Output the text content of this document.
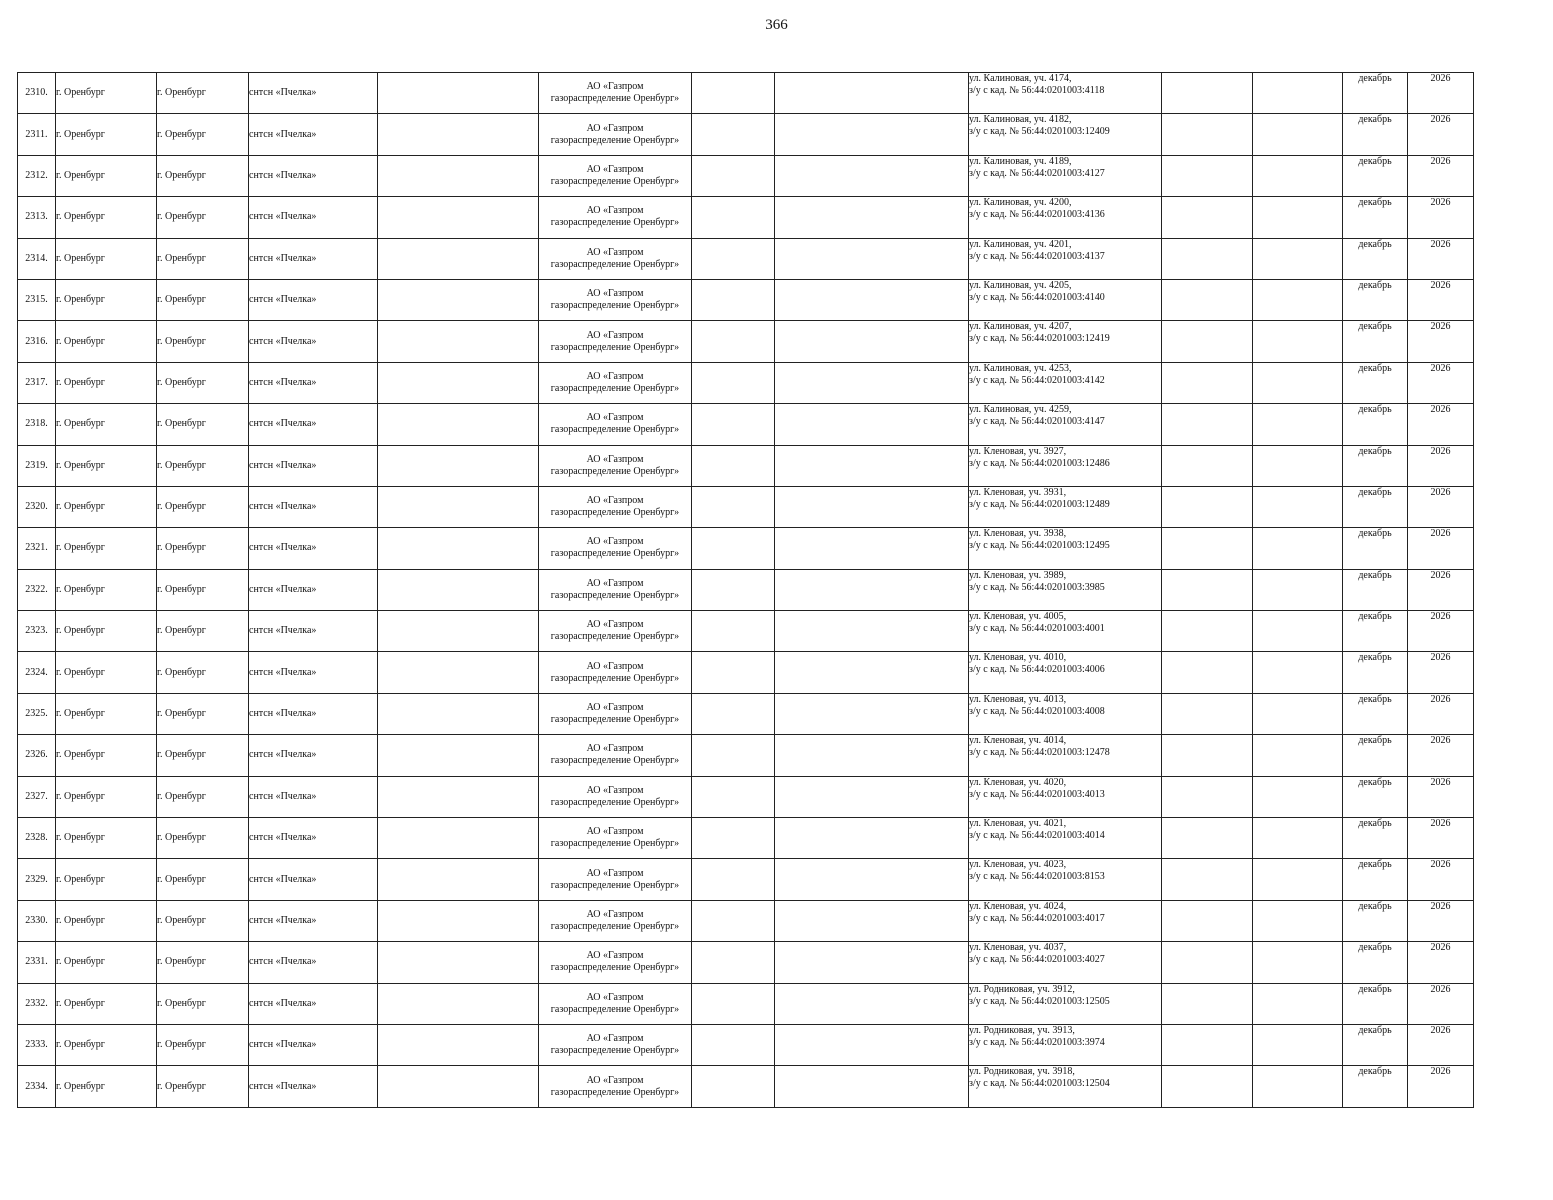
366
2310.	г. Оренбург	г. Оренбург	снтсн «Пчелка»		АО «Газпром
газораспределение Оренбург»			ул. Калиновая, уч. 4174,
з/у с кад. № 56:44:0201003:4118			декабрь	2026
2311.	г. Оренбург	г. Оренбург	снтсн «Пчелка»		АО «Газпром
газораспределение Оренбург»			ул. Калиновая, уч. 4182,
з/у с кад. № 56:44:0201003:12409			декабрь	2026
2312.	г. Оренбург	г. Оренбург	снтсн «Пчелка»		АО «Газпром
газораспределение Оренбург»			ул. Калиновая, уч. 4189,
з/у с кад. № 56:44:0201003:4127			декабрь	2026
2313.	г. Оренбург	г. Оренбург	снтсн «Пчелка»		АО «Газпром
газораспределение Оренбург»			ул. Калиновая, уч. 4200,
з/у с кад. № 56:44:0201003:4136			декабрь	2026
2314.	г. Оренбург	г. Оренбург	снтсн «Пчелка»		АО «Газпром
газораспределение Оренбург»			ул. Калиновая, уч. 4201,
з/у с кад. № 56:44:0201003:4137			декабрь	2026
2315.	г. Оренбург	г. Оренбург	снтсн «Пчелка»		АО «Газпром
газораспределение Оренбург»			ул. Калиновая, уч. 4205,
з/у с кад. № 56:44:0201003:4140			декабрь	2026
2316.	г. Оренбург	г. Оренбург	снтсн «Пчелка»		АО «Газпром
газораспределение Оренбург»			ул. Калиновая, уч. 4207,
з/у с кад. № 56:44:0201003:12419			декабрь	2026
2317.	г. Оренбург	г. Оренбург	снтсн «Пчелка»		АО «Газпром
газораспределение Оренбург»			ул. Калиновая, уч. 4253,
з/у с кад. № 56:44:0201003:4142			декабрь	2026
2318.	г. Оренбург	г. Оренбург	снтсн «Пчелка»		АО «Газпром
газораспределение Оренбург»			ул. Калиновая, уч. 4259,
з/у с кад. № 56:44:0201003:4147			декабрь	2026
2319.	г. Оренбург	г. Оренбург	снтсн «Пчелка»		АО «Газпром
газораспределение Оренбург»			ул. Кленовая, уч. 3927,
з/у с кад. № 56:44:0201003:12486			декабрь	2026
2320.	г. Оренбург	г. Оренбург	снтсн «Пчелка»		АО «Газпром
газораспределение Оренбург»			ул. Кленовая, уч. 3931,
з/у с кад. № 56:44:0201003:12489			декабрь	2026
2321.	г. Оренбург	г. Оренбург	снтсн «Пчелка»		АО «Газпром
газораспределение Оренбург»			ул. Кленовая, уч. 3938,
з/у с кад. № 56:44:0201003:12495			декабрь	2026
2322.	г. Оренбург	г. Оренбург	снтсн «Пчелка»		АО «Газпром
газораспределение Оренбург»			ул. Кленовая, уч. 3989,
з/у с кад. № 56:44:0201003:3985			декабрь	2026
2323.	г. Оренбург	г. Оренбург	снтсн «Пчелка»		АО «Газпром
газораспределение Оренбург»			ул. Кленовая, уч. 4005,
з/у с кад. № 56:44:0201003:4001			декабрь	2026
2324.	г. Оренбург	г. Оренбург	снтсн «Пчелка»		АО «Газпром
газораспределение Оренбург»			ул. Кленовая, уч. 4010,
з/у с кад. № 56:44:0201003:4006			декабрь	2026
2325.	г. Оренбург	г. Оренбург	снтсн «Пчелка»		АО «Газпром
газораспределение Оренбург»			ул. Кленовая, уч. 4013,
з/у с кад. № 56:44:0201003:4008			декабрь	2026
2326.	г. Оренбург	г. Оренбург	снтсн «Пчелка»		АО «Газпром
газораспределение Оренбург»			ул. Кленовая, уч. 4014,
з/у с кад. № 56:44:0201003:12478			декабрь	2026
2327.	г. Оренбург	г. Оренбург	снтсн «Пчелка»		АО «Газпром
газораспределение Оренбург»			ул. Кленовая, уч. 4020,
з/у с кад. № 56:44:0201003:4013			декабрь	2026
2328.	г. Оренбург	г. Оренбург	снтсн «Пчелка»		АО «Газпром
газораспределение Оренбург»			ул. Кленовая, уч. 4021,
з/у с кад. № 56:44:0201003:4014			декабрь	2026
2329.	г. Оренбург	г. Оренбург	снтсн «Пчелка»		АО «Газпром
газораспределение Оренбург»			ул. Кленовая, уч. 4023,
з/у с кад. № 56:44:0201003:8153			декабрь	2026
2330.	г. Оренбург	г. Оренбург	снтсн «Пчелка»		АО «Газпром
газораспределение Оренбург»			ул. Кленовая, уч. 4024,
з/у с кад. № 56:44:0201003:4017			декабрь	2026
2331.	г. Оренбург	г. Оренбург	снтсн «Пчелка»		АО «Газпром
газораспределение Оренбург»			ул. Кленовая, уч. 4037,
з/у с кад. № 56:44:0201003:4027			декабрь	2026
2332.	г. Оренбург	г. Оренбург	снтсн «Пчелка»		АО «Газпром
газораспределение Оренбург»			ул. Родниковая, уч. 3912,
з/у с кад. № 56:44:0201003:12505			декабрь	2026
2333.	г. Оренбург	г. Оренбург	снтсн «Пчелка»		АО «Газпром
газораспределение Оренбург»			ул. Родниковая, уч. 3913,
з/у с кад. № 56:44:0201003:3974			декабрь	2026
2334.	г. Оренбург	г. Оренбург	снтсн «Пчелка»		АО «Газпром
газораспределение Оренбург»			ул. Родниковая, уч. 3918,
з/у с кад. № 56:44:0201003:12504			декабрь	2026
